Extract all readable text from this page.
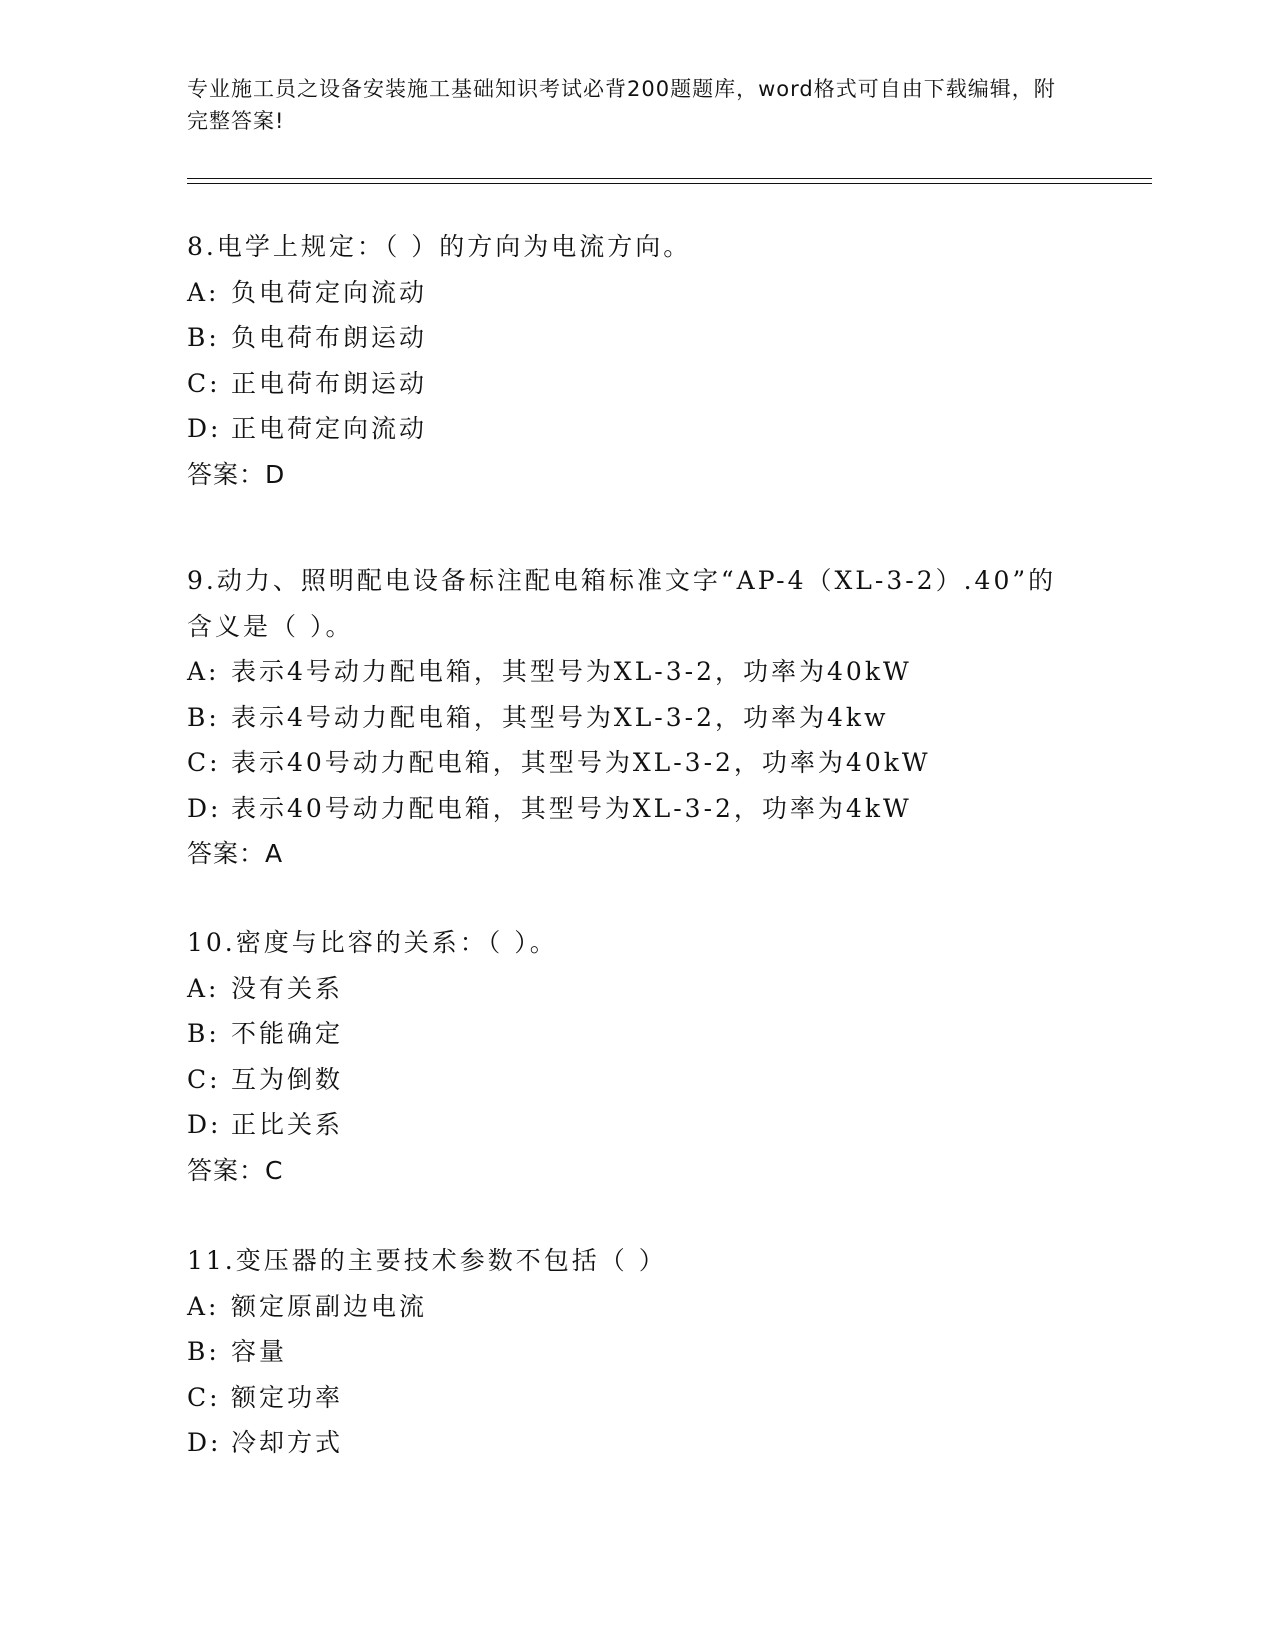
专业施工员之设备安装施工基础知识考试必背200题题库，word格式可自由下载编辑，附完整答案!
8.电学上规定：（ ）的方向为电流方向。
A: 负电荷定向流动
B: 负电荷布朗运动
C: 正电荷布朗运动
D: 正电荷定向流动
答案：D
9.动力、照明配电设备标注配电箱标准文字“AP-4（XL-3-2）.40”的
含义是（ ）。
A: 表示4号动力配电箱，其型号为XL-3-2，功率为40kW
B: 表示4号动力配电箱，其型号为XL-3-2，功率为4kw
C: 表示40号动力配电箱，其型号为XL-3-2，功率为40kW
D: 表示40号动力配电箱，其型号为XL-3-2，功率为4kW
答案：A
10.密度与比容的关系：（ ）。
A: 没有关系
B: 不能确定
C: 互为倒数
D: 正比关系
答案：C
11.变压器的主要技术参数不包括（ ）
A: 额定原副边电流
B: 容量
C: 额定功率
D: 冷却方式
